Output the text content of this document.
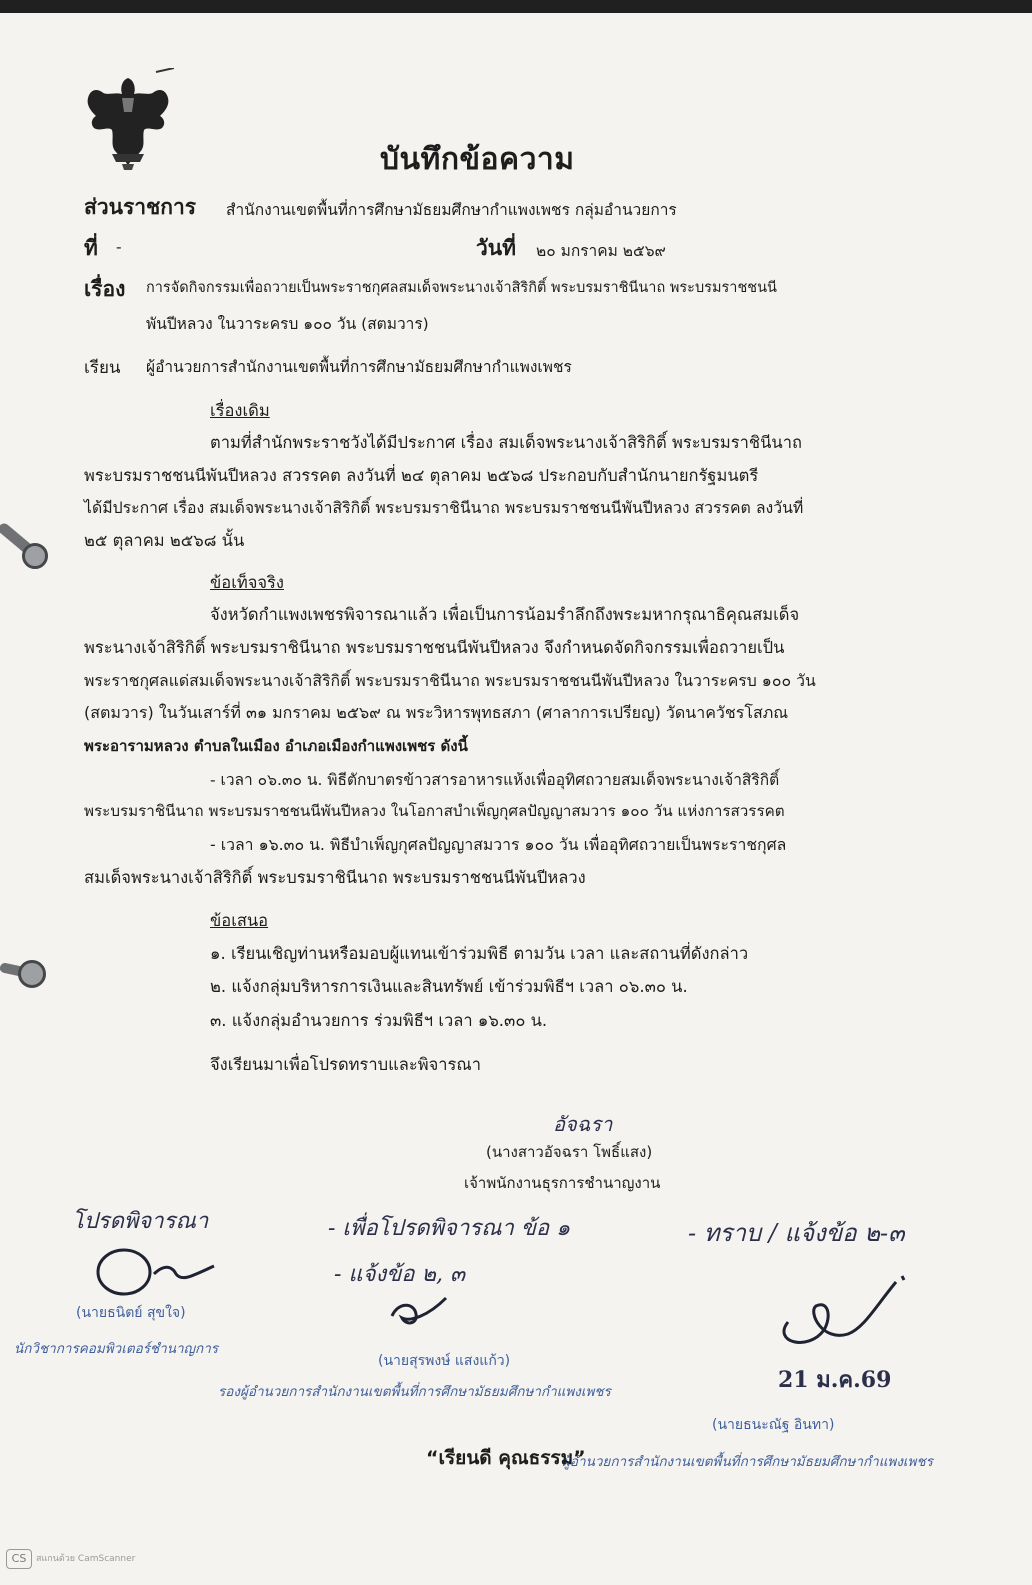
บันทึกข้อความ
ส่วนราชการ สำนักงานเขตพื้นที่การศึกษามัธยมศึกษากำแพงเพชร กลุ่มอำนวยการ
ที่ -	วันที่ ๒๐ มกราคม ๒๕๖๙
เรื่อง การจัดกิจกรรมเพื่อถวายเป็นพระราชกุศลสมเด็จพระนางเจ้าสิริกิติ์ พระบรมราชินีนาถ พระบรมราชชนนี
พันปีหลวง ในวาระครบ ๑๐๐ วัน (สตมวาร)
เรียน ผู้อำนวยการสำนักงานเขตพื้นที่การศึกษามัธยมศึกษากำแพงเพชร
เรื่องเดิม
ตามที่สำนักพระราชวังได้มีประกาศ เรื่อง สมเด็จพระนางเจ้าสิริกิติ์ พระบรมราชินีนาถ
พระบรมราชชนนีพันปีหลวง สวรรคต ลงวันที่ ๒๔ ตุลาคม ๒๕๖๘ ประกอบกับสำนักนายกรัฐมนตรี
ได้มีประกาศ เรื่อง สมเด็จพระนางเจ้าสิริกิติ์ พระบรมราชินีนาถ พระบรมราชชนนีพันปีหลวง สวรรคต ลงวันที่
๒๕ ตุลาคม ๒๕๖๘ นั้น
ข้อเท็จจริง
จังหวัดกำแพงเพชรพิจารณาแล้ว เพื่อเป็นการน้อมรำลึกถึงพระมหากรุณาธิคุณสมเด็จ
พระนางเจ้าสิริกิติ์ พระบรมราชินีนาถ พระบรมราชชนนีพันปีหลวง จึงกำหนดจัดกิจกรรมเพื่อถวายเป็น
พระราชกุศลแด่สมเด็จพระนางเจ้าสิริกิติ์ พระบรมราชินีนาถ พระบรมราชชนนีพันปีหลวง ในวาระครบ ๑๐๐ วัน
(สตมวาร) ในวันเสาร์ที่ ๓๑ มกราคม ๒๕๖๙ ณ พระวิหารพุทธสภา (ศาลาการเปรียญ) วัดนาควัชรโสภณ
พระอารามหลวง ตำบลในเมือง อำเภอเมืองกำแพงเพชร ดังนี้
- เวลา ๐๖.๓๐ น. พิธีตักบาตรข้าวสารอาหารแห้งเพื่ออุทิศถวายสมเด็จพระนางเจ้าสิริกิติ์
พระบรมราชินีนาถ พระบรมราชชนนีพันปีหลวง ในโอกาสบำเพ็ญกุศลปัญญาสมวาร ๑๐๐ วัน แห่งการสวรรคต
- เวลา ๑๖.๓๐ น. พิธีบำเพ็ญกุศลปัญญาสมวาร ๑๐๐ วัน เพื่ออุทิศถวายเป็นพระราชกุศล
สมเด็จพระนางเจ้าสิริกิติ์ พระบรมราชินีนาถ พระบรมราชชนนีพันปีหลวง
ข้อเสนอ
๑. เรียนเชิญท่านหรือมอบผู้แทนเข้าร่วมพิธี ตามวัน เวลา และสถานที่ดังกล่าว
๒. แจ้งกลุ่มบริหารการเงินและสินทรัพย์ เข้าร่วมพิธีฯ เวลา ๐๖.๓๐ น.
๓. แจ้งกลุ่มอำนวยการ ร่วมพิธีฯ เวลา ๑๖.๓๐ น.
จึงเรียนมาเพื่อโปรดทราบและพิจารณา
อัจฉรา
(นางสาวอัจฉรา โพธิ์แสง)
เจ้าพนักงานธุรการชำนาญงาน
โปรดพิจารณา
(นายธนิตย์ สุขใจ)
นักวิชาการคอมพิวเตอร์ชำนาญการ
- เพื่อโปรดพิจารณา ข้อ ๑
- แจ้งข้อ ๒, ๓
(นายสุรพงษ์ แสงแก้ว)
รองผู้อำนวยการสำนักงานเขตพื้นที่การศึกษามัธยมศึกษากำแพงเพชร
- ทราบ / แจ้งข้อ ๒-๓
21 ม.ค.69
(นายธนะณัฐ อินทา)
ผู้อำนวยการสำนักงานเขตพื้นที่การศึกษามัธยมศึกษากำแพงเพชร
“เรียนดี คุณธรรม”
CS	สแกนด้วย CamScanner
